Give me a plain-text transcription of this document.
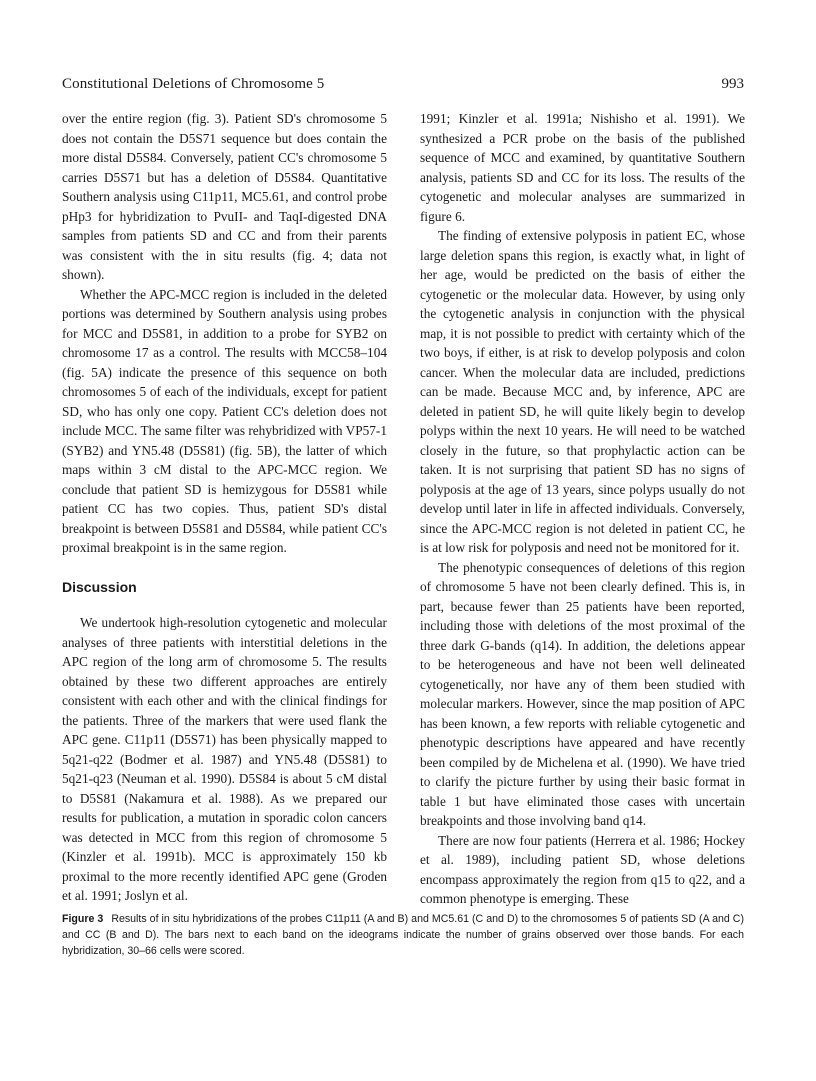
Constitutional Deletions of Chromosome 5	993

over the entire region (fig. 3). Patient SD's chromosome 5 does not contain the D5S71 sequence but does contain the more distal D5S84. Conversely, patient CC's chromosome 5 carries D5S71 but has a deletion of D5S84. Quantitative Southern analysis using C11p11, MC5.61, and control probe pHp3 for hybridization to PvuII- and TaqI-digested DNA samples from patients SD and CC and from their parents was consistent with the in situ results (fig. 4; data not shown).

Whether the APC-MCC region is included in the deleted portions was determined by Southern analysis using probes for MCC and D5S81, in addition to a probe for SYB2 on chromosome 17 as a control. The results with MCC58–104 (fig. 5A) indicate the presence of this sequence on both chromosomes 5 of each of the individuals, except for patient SD, who has only one copy. Patient CC's deletion does not include MCC. The same filter was rehybridized with VP57-1 (SYB2) and YN5.48 (D5S81) (fig. 5B), the latter of which maps within 3 cM distal to the APC-MCC region. We conclude that patient SD is hemizygous for D5S81 while patient CC has two copies. Thus, patient SD's distal breakpoint is between D5S81 and D5S84, while patient CC's proximal breakpoint is in the same region.

Discussion

We undertook high-resolution cytogenetic and molecular analyses of three patients with interstitial deletions in the APC region of the long arm of chromosome 5. The results obtained by these two different approaches are entirely consistent with each other and with the clinical findings for the patients. Three of the markers that were used flank the APC gene. C11p11 (D5S71) has been physically mapped to 5q21-q22 (Bodmer et al. 1987) and YN5.48 (D5S81) to 5q21-q23 (Neuman et al. 1990). D5S84 is about 5 cM distal to D5S81 (Nakamura et al. 1988). As we prepared our results for publication, a mutation in sporadic colon cancers was detected in MCC from this region of chromosome 5 (Kinzler et al. 1991b). MCC is approximately 150 kb proximal to the more recently identified APC gene (Groden et al. 1991; Joslyn et al.

1991; Kinzler et al. 1991a; Nishisho et al. 1991). We synthesized a PCR probe on the basis of the published sequence of MCC and examined, by quantitative Southern analysis, patients SD and CC for its loss. The results of the cytogenetic and molecular analyses are summarized in figure 6.

The finding of extensive polyposis in patient EC, whose large deletion spans this region, is exactly what, in light of her age, would be predicted on the basis of either the cytogenetic or the molecular data. However, by using only the cytogenetic analysis in conjunction with the physical map, it is not possible to predict with certainty which of the two boys, if either, is at risk to develop polyposis and colon cancer. When the molecular data are included, predictions can be made. Because MCC and, by inference, APC are deleted in patient SD, he will quite likely begin to develop polyps within the next 10 years. He will need to be watched closely in the future, so that prophylactic action can be taken. It is not surprising that patient SD has no signs of polyposis at the age of 13 years, since polyps usually do not develop until later in life in affected individuals. Conversely, since the APC-MCC region is not deleted in patient CC, he is at low risk for polyposis and need not be monitored for it.

The phenotypic consequences of deletions of this region of chromosome 5 have not been clearly defined. This is, in part, because fewer than 25 patients have been reported, including those with deletions of the most proximal of the three dark G-bands (q14). In addition, the deletions appear to be heterogeneous and have not been well delineated cytogenetically, nor have any of them been studied with molecular markers. However, since the map position of APC has been known, a few reports with reliable cytogenetic and phenotypic descriptions have appeared and have recently been compiled by de Michelena et al. (1990). We have tried to clarify the picture further by using their basic format in table 1 but have eliminated those cases with uncertain breakpoints and those involving band q14.

There are now four patients (Herrera et al. 1986; Hockey et al. 1989), including patient SD, whose deletions encompass approximately the region from q15 to q22, and a common phenotype is emerging. These

Figure 3 Results of in situ hybridizations of the probes C11p11 (A and B) and MC5.61 (C and D) to the chromosomes 5 of patients SD (A and C) and CC (B and D). The bars next to each band on the ideograms indicate the number of grains observed over those bands. For each hybridization, 30–66 cells were scored.
